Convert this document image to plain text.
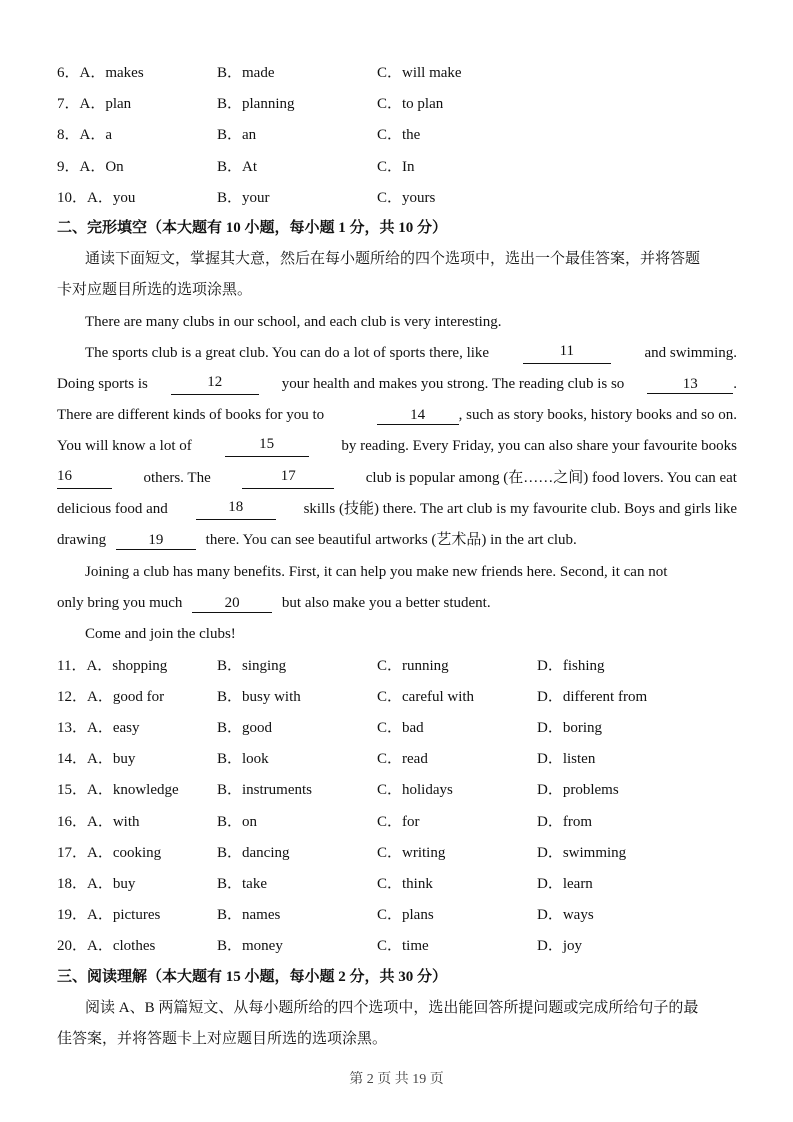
6．A．makes	B．made	C．will make
7．A．plan	B．planning	C．to plan
8．A．a	B．an	C．the
9．A．On	B．At	C．In
10．A．you	B．your	C．yours
二、完形填空（本大题有 10 小题，每小题 1 分，共 10 分）
通读下面短文，掌握其大意，然后在每小题所给的四个选项中，选出一个最佳答案，并将答题
卡对应题目所选的选项涂黑。
There are many clubs in our school, and each club is very interesting.
The sports club is a great club. You can do a lot of sports there, like	11	and swimming.
Doing sports is	12	your health and makes you strong. The reading club is so	13 .
There are different kinds of books for you to	14 , such as story books, history books and so on.
You will know a lot of	15	by reading. Every Friday, you can also share your favourite books
16	others. The	17	club is popular among (在……之间) food lovers. You can eat
delicious food and	18	skills (技能) there. The art club is my favourite club. Boys and girls like
drawing	19	there. You can see beautiful artworks (艺术品) in the art club.
Joining a club has many benefits. First, it can help you make new friends here. Second, it can not
only bring you much	20	but also make you a better student.
Come and join the clubs!
11．A．shopping	B．singing	C．running	D．fishing
12．A．good for	B．busy with	C．careful with	D．different from
13．A．easy	B．good	C．bad	D．boring
14．A．buy	B．look	C．read	D．listen
15．A．knowledge	B．instruments	C．holidays	D．problems
16．A．with	B．on	C．for	D．from
17．A．cooking	B．dancing	C．writing	D．swimming
18．A．buy	B．take	C．think	D．learn
19．A．pictures	B．names	C．plans	D．ways
20．A．clothes	B．money	C．time	D．joy
三、阅读理解（本大题有 15 小题，每小题 2 分，共 30 分）
阅读 A、B 两篇短文、从每小题所给的四个选项中，选出能回答所提问题或完成所给句子的最
佳答案，并将答题卡上对应题目所选的选项涂黑。
第 2 页 共 19 页
